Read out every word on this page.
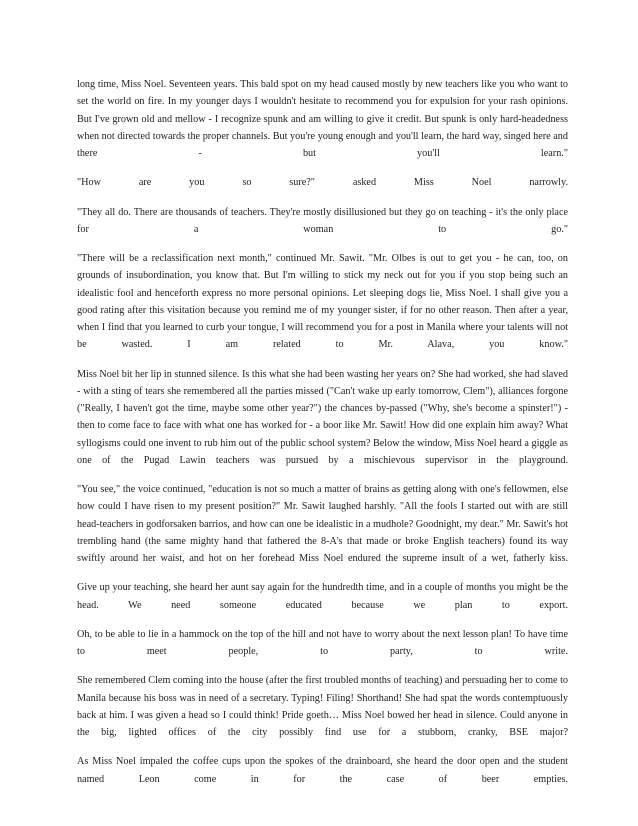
long time, Miss Noel. Seventeen years. This bald spot on my head caused mostly by new teachers like you who want to set the world on fire. In my younger days I wouldn't hesitate to recommend you for expulsion for your rash opinions. But I've grown old and mellow - I recognize spunk and am willing to give it credit. But spunk is only hard-headedness when not directed towards the proper channels. But you're young enough and you'll learn, the hard way, singed here and there - but you'll learn."

"How are you so sure?" asked Miss Noel narrowly.

"They all do. There are thousands of teachers. They're mostly disillusioned but they go on teaching - it's the only place for a woman to go."

"There will be a reclassification next month," continued Mr. Sawit. "Mr. Olbes is out to get you - he can, too, on grounds of insubordination, you know that. But I'm willing to stick my neck out for you if you stop being such an idealistic fool and henceforth express no more personal opinions. Let sleeping dogs lie, Miss Noel. I shall give you a good rating after this visitation because you remind me of my younger sister, if for no other reason. Then after a year, when I find that you learned to curb your tongue, I will recommend you for a post in Manila where your talents will not be wasted. I am related to Mr. Alava, you know."

Miss Noel bit her lip in stunned silence. Is this what she had been wasting her years on? She had worked, she had slaved - with a sting of tears she remembered all the parties missed ("Can't wake up early tomorrow, Clem"), alliances forgone ("Really, I haven't got the time, maybe some other year?") the chances by-passed ("Why, she's become a spinster!") - then to come face to face with what one has worked for - a boor like Mr. Sawit! How did one explain him away? What syllogisms could one invent to rub him out of the public school system? Below the window, Miss Noel heard a giggle as one of the Pugad Lawin teachers was pursued by a mischievous supervisor in the playground.

"You see," the voice continued, "education is not so much a matter of brains as getting along with one's fellowmen, else how could I have risen to my present position?" Mr. Sawit laughed harshly. "All the fools I started out with are still head-teachers in godforsaken barrios, and how can one be idealistic in a mudhole? Goodnight, my dear." Mr. Sawit's hot trembling hand (the same mighty hand that fathered the 8-A's that made or broke English teachers) found its way swiftly around her waist, and hot on her forehead Miss Noel endured the supreme insult of a wet, fatherly kiss.

Give up your teaching, she heard her aunt say again for the hundredth time, and in a couple of months you might be the head. We need someone educated because we plan to export.

Oh, to be able to lie in a hammock on the top of the hill and not have to worry about the next lesson plan! To have time to meet people, to party, to write.

She remembered Clem coming into the house (after the first troubled months of teaching) and persuading her to come to Manila because his boss was in need of a secretary. Typing! Filing! Shorthand! She had spat the words contemptuously back at him. I was given a head so I could think! Pride goeth… Miss Noel bowed her head in silence. Could anyone in the big, lighted offices of the city possibly find use for a stubborn, cranky, BSE major?

As Miss Noel impaled the coffee cups upon the spokes of the drainboard, she heard the door open and the student named Leon come in for the case of beer empties.
